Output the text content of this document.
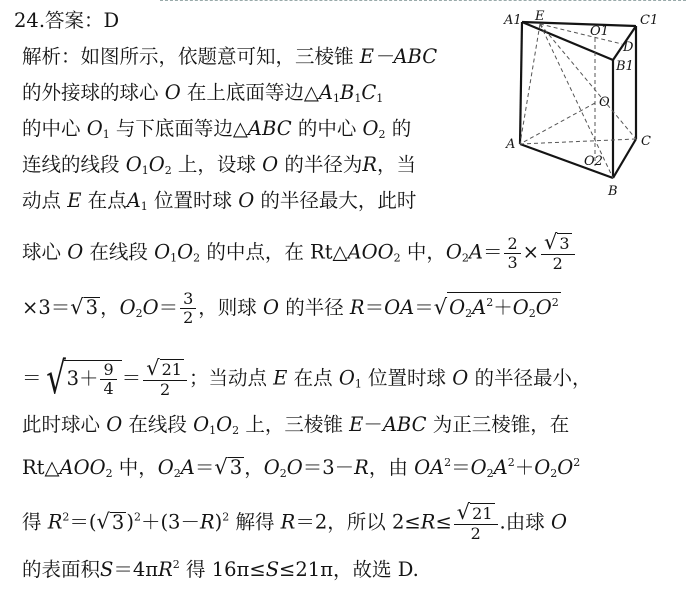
24.答案：D
解析：如图所示，依题意可知，三棱锥 E－ABC
的外接球的球心 O 在上底面等边$\triangle A_1B_1C_1$
的中心 $O_1$ 与下底面等边△ABC 的中心 $O_2$ 的
连线的线段 $O_1O_2$ 上，设球 O 的半径为R，当
动点 E 在点$A_1$ 位置时球 O 的半径最大，此时
球心 O 在线段 $O_1O_2$ 的中点，在 $Rt\triangle AOO_2$ 中，$O_2A= \frac{2}{3} \times \frac{√ 3}{2}$
×3＝√ 3 ，$O_2O= \frac{3}{2}$ ，则球 O 的半径 R＝OA＝√ $O_2A^2+O_2O^2$
$=√3+ \frac{9}{4} = \frac{√ 21}{2}$ ；当动点 E 在点 $O_1$ 位置时球 O 的半径最小，
此时球心 O 在线段 $O_1O_2$ 上，三棱锥 E－ABC 为正三棱锥，在
$Rt\triangle AOO_2$ 中，$O_2A=√$ 3 ，$O_2O=3-R$，由 $OA^2=O_2A^2+O_2O^2$
得 $R^2=(√$ 3 )$^2+(3-R)^2$ 解得 R＝2，所以 $2\le R\le \frac{√ 21}{2}$ .由球 O
的表面积$S=4\pi R^2$ 得 16π≤S≤21π，故选 D.
A1 E
O1
C1
D
B1
O
A	C
O2
B
